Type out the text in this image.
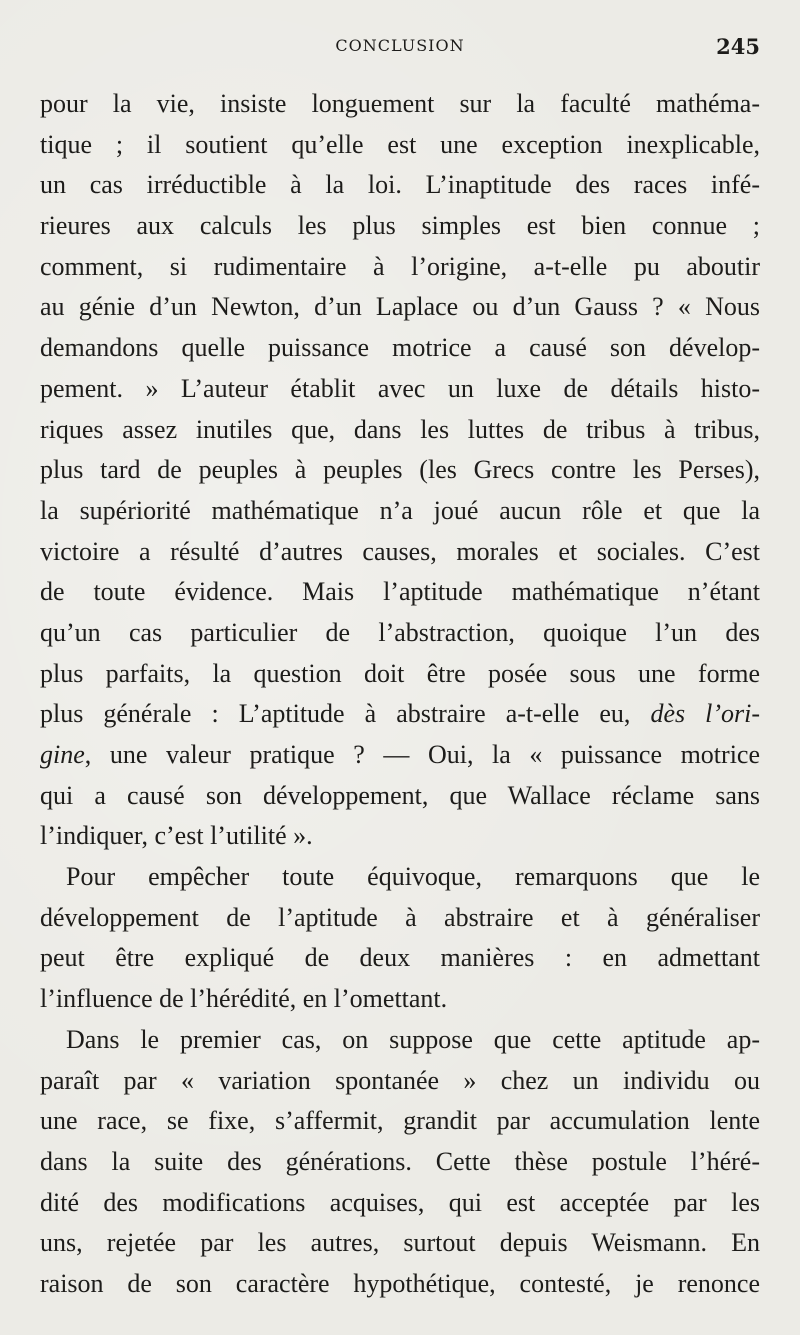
CONCLUSION	245
pour la vie, insiste longuement sur la faculté mathéma-
tique ; il soutient qu’elle est une exception inexplicable,
un cas irréductible à la loi. L’inaptitude des races infé-
rieures aux calculs les plus simples est bien connue ;
comment, si rudimentaire à l’origine, a-t-elle pu aboutir
au génie d’un Newton, d’un Laplace ou d’un Gauss ? « Nous
demandons quelle puissance motrice a causé son dévelop-
pement. » L’auteur établit avec un luxe de détails histo-
riques assez inutiles que, dans les luttes de tribus à tribus,
plus tard de peuples à peuples (les Grecs contre les Perses),
la supériorité mathématique n’a joué aucun rôle et que la
victoire a résulté d’autres causes, morales et sociales. C’est
de toute évidence. Mais l’aptitude mathématique n’étant
qu’un cas particulier de l’abstraction, quoique l’un des
plus parfaits, la question doit être posée sous une forme
plus générale : L’aptitude à abstraire a-t-elle eu, dès l’ori-
gine, une valeur pratique ? — Oui, la « puissance motrice
qui a causé son développement, que Wallace réclame sans
l’indiquer, c’est l’utilité ».
Pour empêcher toute équivoque, remarquons que le
développement de l’aptitude à abstraire et à généraliser
peut être expliqué de deux manières : en admettant
l’influence de l’hérédité, en l’omettant.
Dans le premier cas, on suppose que cette aptitude ap-
paraît par « variation spontanée » chez un individu ou
une race, se fixe, s’affermit, grandit par accumulation lente
dans la suite des générations. Cette thèse postule l’héré-
dité des modifications acquises, qui est acceptée par les
uns, rejetée par les autres, surtout depuis Weismann. En
raison de son caractère hypothétique, contesté, je renonce
